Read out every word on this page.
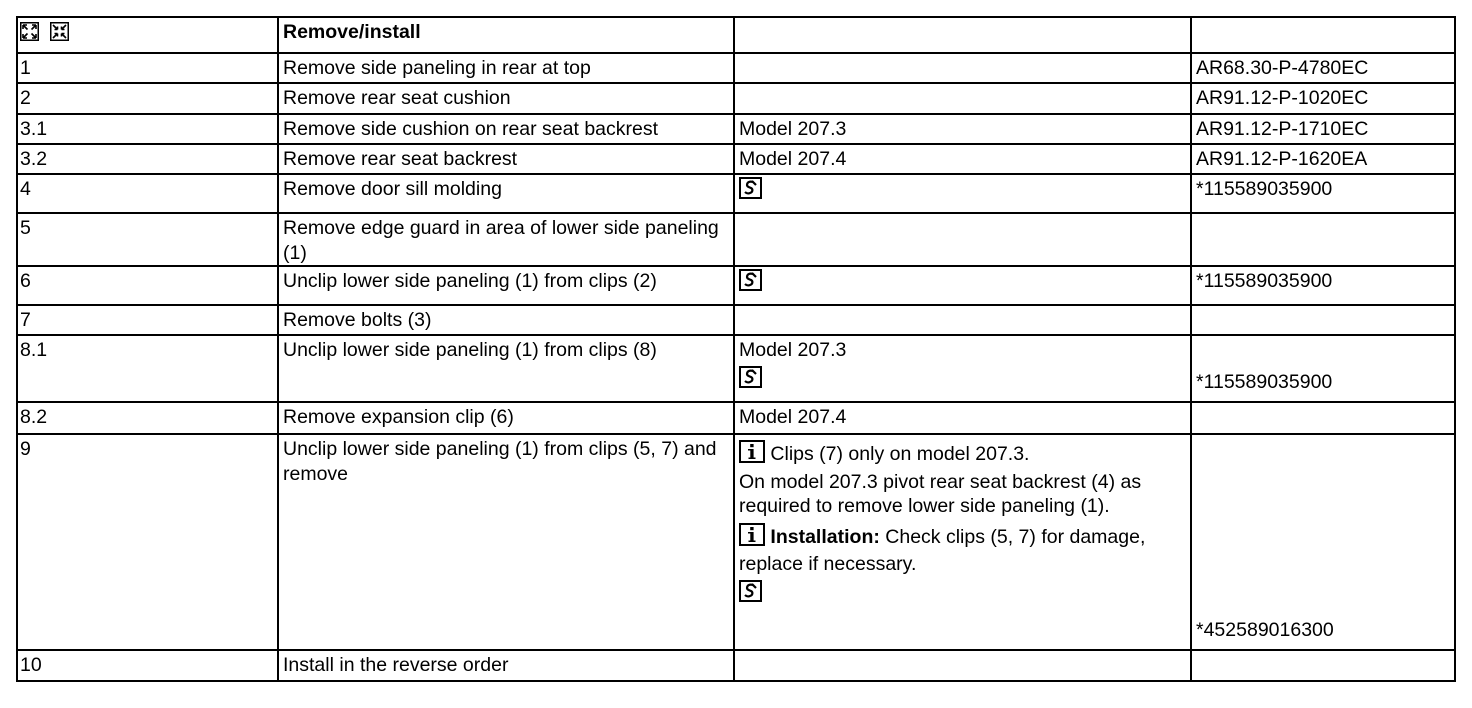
	Remove/install		
1	Remove side paneling in rear at top		AR68.30-P-4780EC
2	Remove rear seat cushion		AR91.12-P-1020EC
3.1	Remove side cushion on rear seat backrest	Model 207.3	AR91.12-P-1710EC
3.2	Remove rear seat backrest	Model 207.4	AR91.12-P-1620EA
4	Remove door sill molding		*115589035900
5	Remove edge guard in area of lower side paneling (1)		
6	Unclip lower side paneling (1) from clips (2)		*115589035900
7	Remove bolts (3)		
8.1	Unclip lower side paneling (1) from clips (8)	Model 207.3	*115589035900
8.2	Remove expansion clip (6)	Model 207.4	
9	Unclip lower side paneling (1) from clips (5, 7) and remove	Clips (7) only on model 207.3.
On model 207.3 pivot rear seat backrest (4) as required to remove lower side paneling (1).
Installation: Check clips (5, 7) for damage, replace if necessary.	*452589016300
10	Install in the reverse order		
